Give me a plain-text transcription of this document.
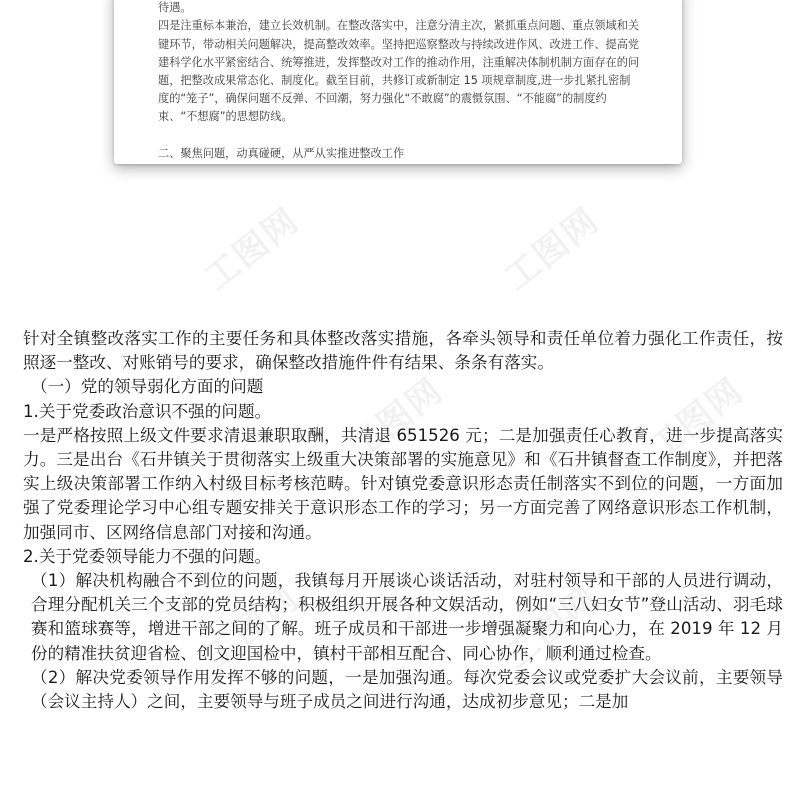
待遇。

四是注重标本兼治，建立长效机制。在整改落实中，注意分清主次，紧抓重点问题、重点领域和关键环节，带动相关问题解决，提高整改效率。坚持把巡察整改与持续改进作风、改进工作、提高党建科学化水平紧密结合、统筹推进，发挥整改对工作的推动作用，注重解决体制机制方面存在的问题，把整改成果常态化、制度化。截至目前，共修订或新制定 15 项规章制度,进一步扎紧扎密制度的“笼子”，确保问题不反弹、不回潮，努力强化“不敢腐”的震慑氛围、“不能腐”的制度约束、“不想腐”的思想防线。

二、聚焦问题，动真碰硬，从严从实推进整改工作

工图网	工图网
工图网	工图网
工图网	工图网

针对全镇整改落实工作的主要任务和具体整改落实措施，各牵头领导和责任单位着力强化工作责任，按照逐一整改、对账销号的要求，确保整改措施件件有结果、条条有落实。

（一）党的领导弱化方面的问题

1.关于党委政治意识不强的问题。

一是严格按照上级文件要求清退兼职取酬，共清退 651526 元；二是加强责任心教育，进一步提高落实力。三是出台《石井镇关于贯彻落实上级重大决策部署的实施意见》和《石井镇督查工作制度》，并把落实上级决策部署工作纳入村级目标考核范畴。针对镇党委意识形态责任制落实不到位的问题，一方面加强了党委理论学习中心组专题安排关于意识形态工作的学习；另一方面完善了网络意识形态工作机制，加强同市、区网络信息部门对接和沟通。

2.关于党委领导能力不强的问题。

（1）解决机构融合不到位的问题，我镇每月开展谈心谈话活动，对驻村领导和干部的人员进行调动，合理分配机关三个支部的党员结构；积极组织开展各种文娱活动，例如“三八妇女节”登山活动、羽毛球赛和篮球赛等，增进干部之间的了解。班子成员和干部进一步增强凝聚力和向心力，在 2019 年 12 月份的精准扶贫迎省检、创文迎国检中，镇村干部相互配合、同心协作，顺利通过检查。

（2）解决党委领导作用发挥不够的问题，一是加强沟通。每次党委会议或党委扩大会议前，主要领导（会议主持人）之间，主要领导与班子成员之间进行沟通，达成初步意见；二是加
